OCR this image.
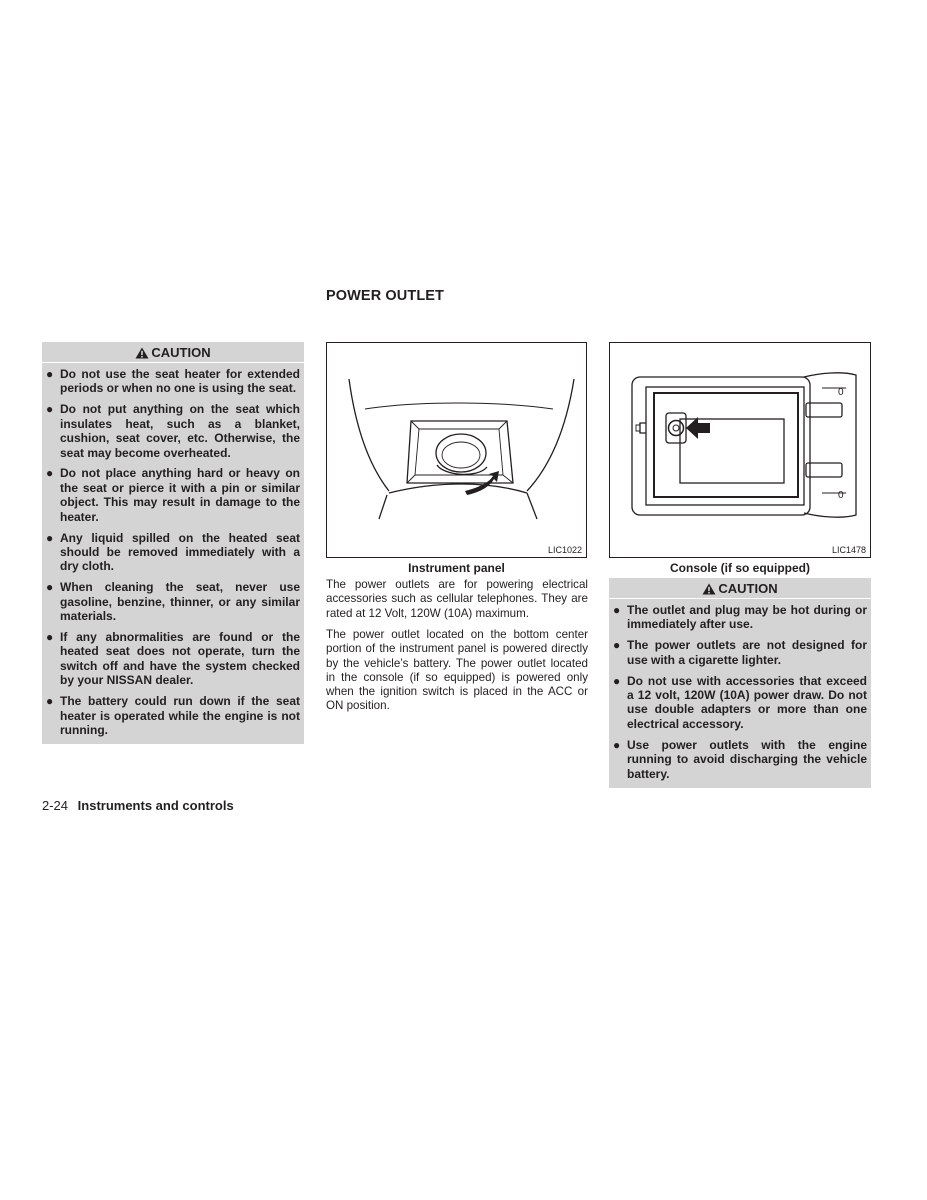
POWER OUTLET
CAUTION
● Do not use the seat heater for extended periods or when no one is using the seat.
● Do not put anything on the seat which insulates heat, such as a blanket, cushion, seat cover, etc. Otherwise, the seat may become overheated.
● Do not place anything hard or heavy on the seat or pierce it with a pin or similar object. This may result in damage to the heater.
● Any liquid spilled on the heated seat should be removed immediately with a dry cloth.
● When cleaning the seat, never use gasoline, benzine, thinner, or any similar materials.
● If any abnormalities are found or the heated seat does not operate, turn the switch off and have the system checked by your NISSAN dealer.
● The battery could run down if the seat heater is operated while the engine is not running.
LIC1022
Instrument panel
0
0
LIC1478
Console (if so equipped)

The power outlets are for powering electrical accessories such as cellular telephones. They are rated at 12 Volt, 120W (10A) maximum.

The power outlet located on the bottom center portion of the instrument panel is powered directly by the vehicle’s battery. The power outlet located in the console (if so equipped) is powered only when the ignition switch is placed in the ACC or ON position.

CAUTION
● The outlet and plug may be hot during or immediately after use.
● The power outlets are not designed for use with a cigarette lighter.
● Do not use with accessories that exceed a 12 volt, 120W (10A) power draw. Do not use double adapters or more than one electrical accessory.
● Use power outlets with the engine running to avoid discharging the vehicle battery.
2-24 Instruments and controls
